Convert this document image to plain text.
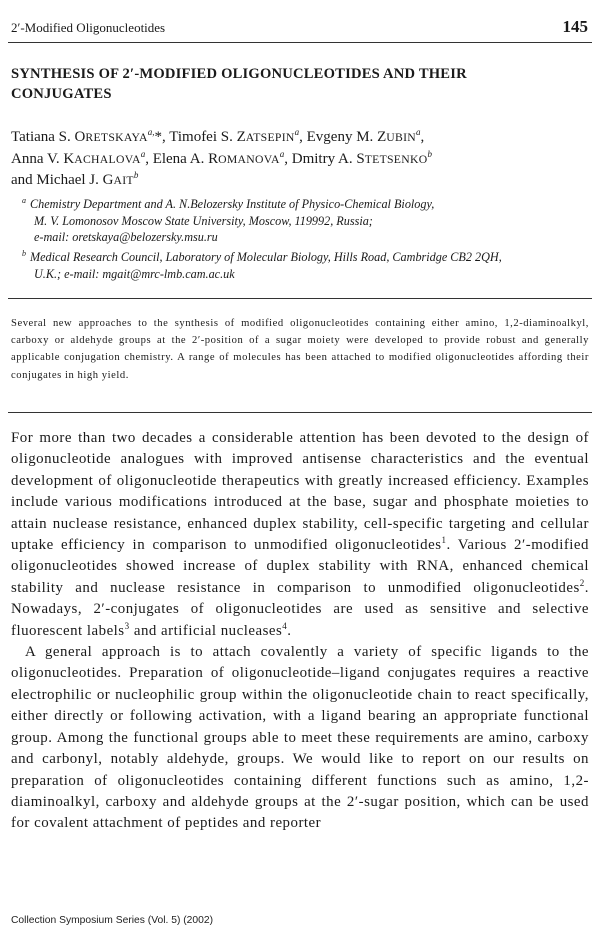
2′-Modified Oligonucleotides	145
SYNTHESIS OF 2′-MODIFIED OLIGONUCLEOTIDES AND THEIR CONJUGATES
Tatiana S. $ORETSKAYA^{a,}*$, Timofei S. ZATSEPIN$^a$, Evgeny M. ZUBIN$^a$,
Anna V. KACHALOVA$^a$, Elena A. ROMANOVA$^a$, Dmitry A. STETSENKO$^b$
and Michael J. GAIT$^b$
$^a$ Chemistry Department and A. N.Belozersky Institute of Physico-Chemical Biology,
M. V. Lomonosov Moscow State University, Moscow, 119992, Russia;
e-mail: oretskaya@belozersky.msu.ru
$^b$ Medical Research Council, Laboratory of Molecular Biology, Hills Road, Cambridge CB2 2QH,
U.K.; e-mail: mgait@mrc-lmb.cam.ac.uk
Several new approaches to the synthesis of modified oligonucleotides containing either amino, 1,2-diaminoalkyl, carboxy or aldehyde groups at the 2′-position of a sugar moiety were developed to provide robust and generally applicable conjugation chemistry. A range of molecules has been attached to modified oligonucleotides affording their conjugates in high yield.

For more than two decades a considerable attention has been devoted to the design of oligonucleotide analogues with improved antisense characteristics and the eventual development of oligonucleotide therapeutics with greatly increased efficiency. Examples include various modifications introduced at the base, sugar and phosphate moieties to attain nuclease resistance, enhanced duplex stability, cell-specific targeting and cellular uptake efficiency in comparison to unmodified oligonucleotides$^1$. Various 2′-modified oligonucleotides showed increase of duplex stability with RNA, enhanced chemical stability and nuclease resistance in comparison to unmodified oligonucleotides$^2$. Nowadays, 2′-conjugates of oligonucleotides are used as sensitive and selective fluorescent labels$^3$ and artificial nucleases$^4$.

A general approach is to attach covalently a variety of specific ligands to the oligonucleotides. Preparation of oligonucleotide–ligand conjugates requires a reactive electrophilic or nucleophilic group within the oligonucleotide chain to react specifically, either directly or following activation, with a ligand bearing an appropriate functional group. Among the functional groups able to meet these requirements are amino, carboxy and carbonyl, notably aldehyde, groups. We would like to report on our results on preparation of oligonucleotides containing different functions such as amino, 1,2-diaminoalkyl, carboxy and aldehyde groups at the 2′-sugar position, which can be used for covalent attachment of peptides and reporter

Collection Symposium Series (Vol. 5) (2002)
